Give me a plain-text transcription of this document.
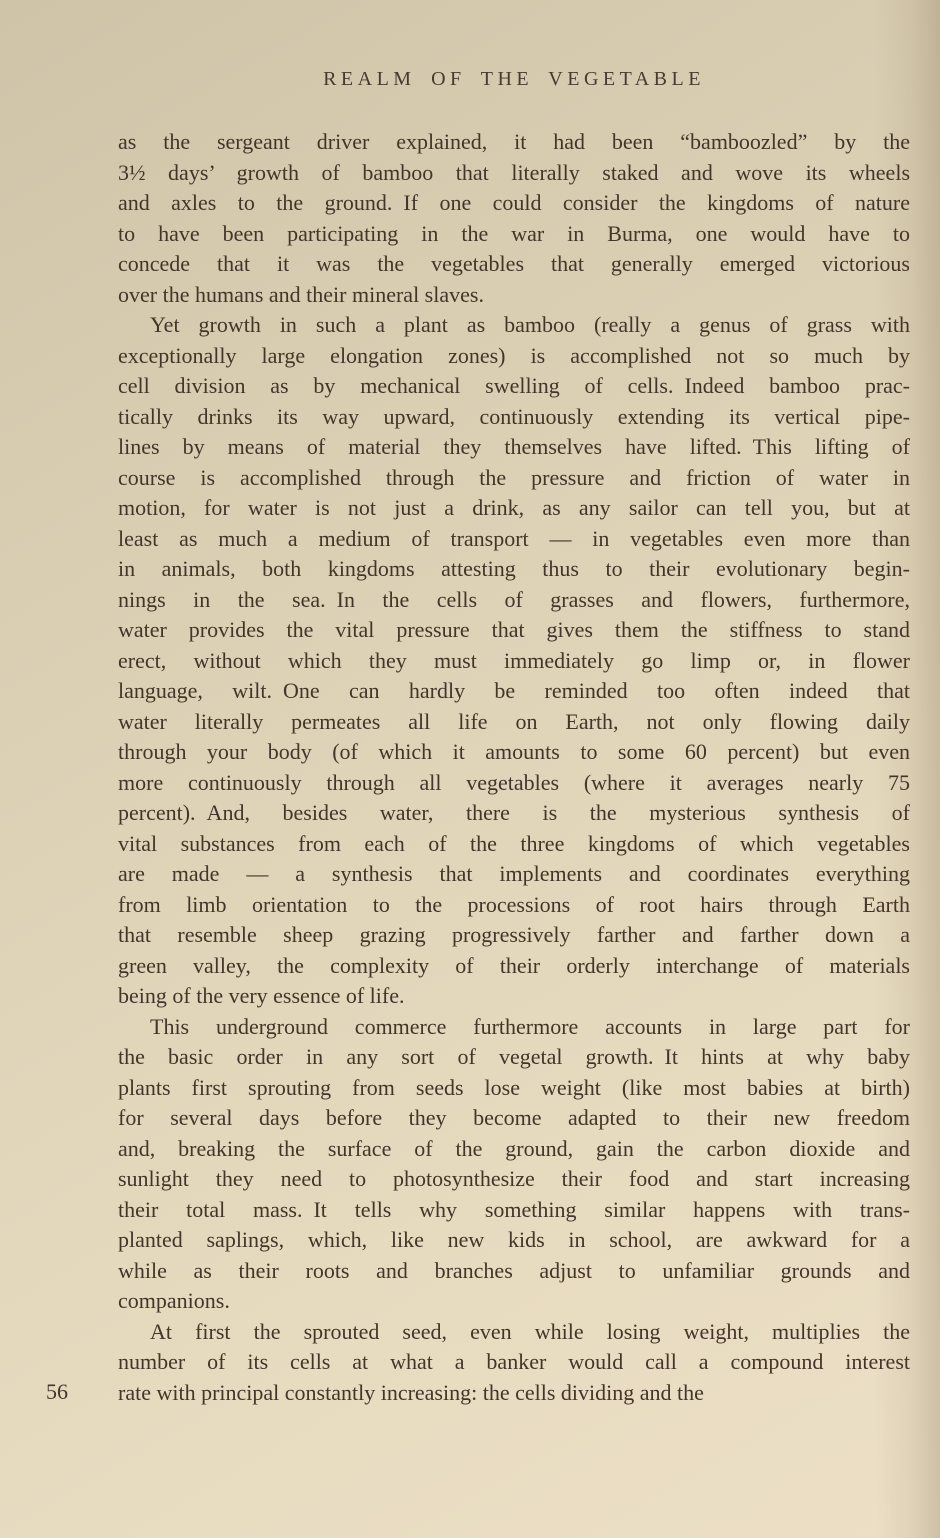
REALM OF THE VEGETABLE

as the sergeant driver explained, it had been “bamboozled” by the
3½ days’ growth of bamboo that literally staked and wove its wheels
and axles to the ground. If one could consider the kingdoms of nature
to have been participating in the war in Burma, one would have to
concede that it was the vegetables that generally emerged victorious
over the humans and their mineral slaves.

Yet growth in such a plant as bamboo (really a genus of grass with
exceptionally large elongation zones) is accomplished not so much by
cell division as by mechanical swelling of cells. Indeed bamboo prac-
tically drinks its way upward, continuously extending its vertical pipe-
lines by means of material they themselves have lifted. This lifting of
course is accomplished through the pressure and friction of water in
motion, for water is not just a drink, as any sailor can tell you, but at
least as much a medium of transport — in vegetables even more than
in animals, both kingdoms attesting thus to their evolutionary begin-
nings in the sea. In the cells of grasses and flowers, furthermore,
water provides the vital pressure that gives them the stiffness to stand
erect, without which they must immediately go limp or, in flower
language, wilt. One can hardly be reminded too often indeed that
water literally permeates all life on Earth, not only flowing daily
through your body (of which it amounts to some 60 percent) but even
more continuously through all vegetables (where it averages nearly 75
percent). And, besides water, there is the mysterious synthesis of
vital substances from each of the three kingdoms of which vegetables
are made — a synthesis that implements and coordinates everything
from limb orientation to the processions of root hairs through Earth
that resemble sheep grazing progressively farther and farther down a
green valley, the complexity of their orderly interchange of materials
being of the very essence of life.

This underground commerce furthermore accounts in large part for
the basic order in any sort of vegetal growth. It hints at why baby
plants first sprouting from seeds lose weight (like most babies at birth)
for several days before they become adapted to their new freedom
and, breaking the surface of the ground, gain the carbon dioxide and
sunlight they need to photosynthesize their food and start increasing
their total mass. It tells why something similar happens with trans-
planted saplings, which, like new kids in school, are awkward for a
while as their roots and branches adjust to unfamiliar grounds and
companions.

At first the sprouted seed, even while losing weight, multiplies the
number of its cells at what a banker would call a compound interest
rate with principal constantly increasing: the cells dividing and the

56
